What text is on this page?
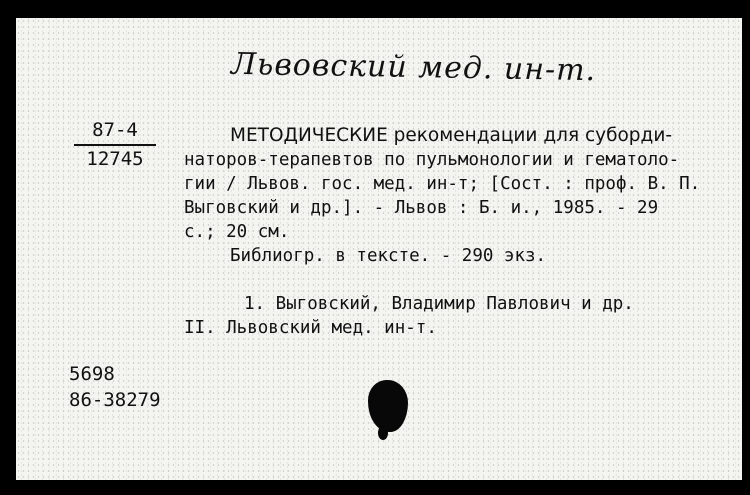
Львовский мед. ин-т.
87-4
12745
МЕТОДИЧЕСКИЕ рекомендации для суборди-
наторов-терапевтов по пульмонологии и гематоло-
гии / Львов. гос. мед. ин-т; [Сост. : проф. В. П.
Выговский и др.]. - Львов : Б. и., 1985. - 29
с.; 20 см.
Библиогр. в тексте. - 290 экз.
1. Выговский, Владимир Павлович и др.
II. Львовский мед. ин-т.
5698
86-38279
